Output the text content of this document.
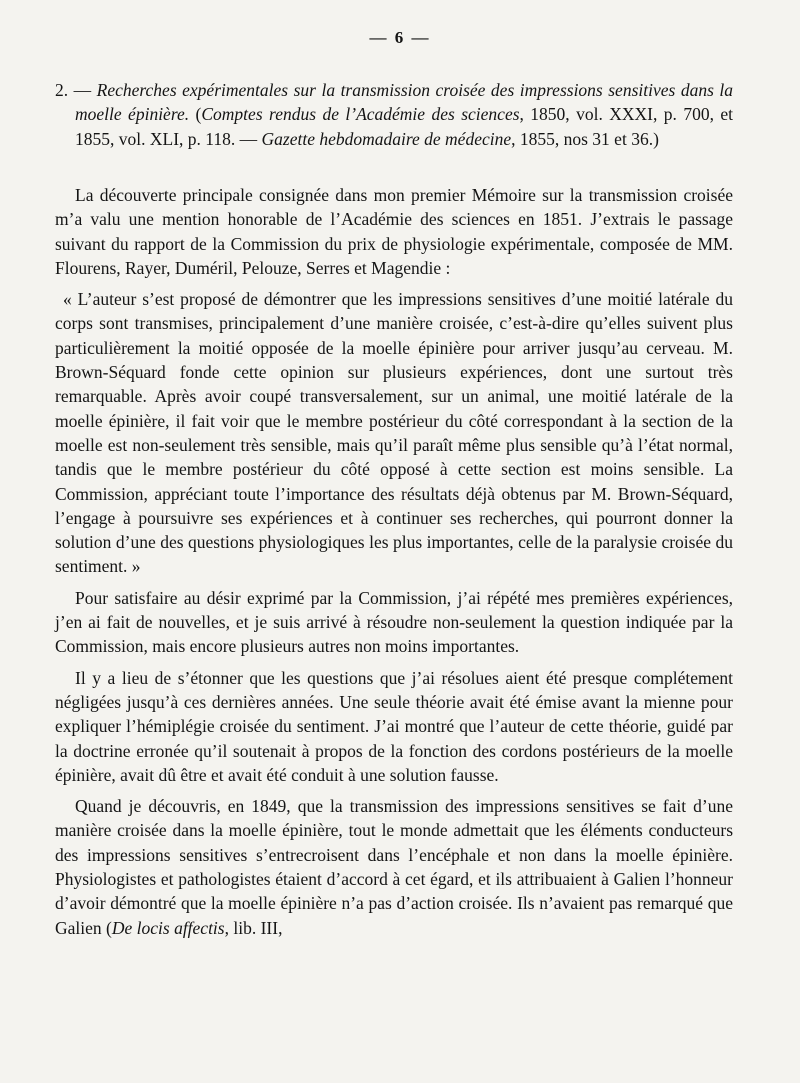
— 6 —

2. — Recherches expérimentales sur la transmission croisée des impressions sensitives dans la moelle épinière. (Comptes rendus de l’Académie des sciences, 1850, vol. XXXI, p. 700, et 1855, vol. XLI, p. 118. — Gazette hebdomadaire de médecine, 1855, nos 31 et 36.)

La découverte principale consignée dans mon premier Mémoire sur la transmission croisée m’a valu une mention honorable de l’Académie des sciences en 1851. J’extrais le passage suivant du rapport de la Commission du prix de physiologie expérimentale, composée de MM. Flourens, Rayer, Duméril, Pelouze, Serres et Magendie :

« L’auteur s’est proposé de démontrer que les impressions sensitives d’une moitié latérale du corps sont transmises, principalement d’une manière croisée, c’est-à-dire qu’elles suivent plus particulièrement la moitié opposée de la moelle épinière pour arriver jusqu’au cerveau. M. Brown-Séquard fonde cette opinion sur plusieurs expériences, dont une surtout très remarquable. Après avoir coupé transversalement, sur un animal, une moitié latérale de la moelle épinière, il fait voir que le membre postérieur du côté correspondant à la section de la moelle est non-seulement très sensible, mais qu’il paraît même plus sensible qu’à l’état normal, tandis que le membre postérieur du côté opposé à cette section est moins sensible. La Commission, appréciant toute l’importance des résultats déjà obtenus par M. Brown-Séquard, l’engage à poursuivre ses expériences et à continuer ses recherches, qui pourront donner la solution d’une des questions physiologiques les plus importantes, celle de la paralysie croisée du sentiment. »

Pour satisfaire au désir exprimé par la Commission, j’ai répété mes premières expériences, j’en ai fait de nouvelles, et je suis arrivé à résoudre non-seulement la question indiquée par la Commission, mais encore plusieurs autres non moins importantes.

Il y a lieu de s’étonner que les questions que j’ai résolues aient été presque complétement négligées jusqu’à ces dernières années. Une seule théorie avait été émise avant la mienne pour expliquer l’hémiplégie croisée du sentiment. J’ai montré que l’auteur de cette théorie, guidé par la doctrine erronée qu’il soutenait à propos de la fonction des cordons postérieurs de la moelle épinière, avait dû être et avait été conduit à une solution fausse.

Quand je découvris, en 1849, que la transmission des impressions sensitives se fait d’une manière croisée dans la moelle épinière, tout le monde admettait que les éléments conducteurs des impressions sensitives s’entrecroisent dans l’encéphale et non dans la moelle épinière. Physiologistes et pathologistes étaient d’accord à cet égard, et ils attribuaient à Galien l’honneur d’avoir démontré que la moelle épinière n’a pas d’action croisée. Ils n’avaient pas remarqué que Galien (De locis affectis, lib. III,
